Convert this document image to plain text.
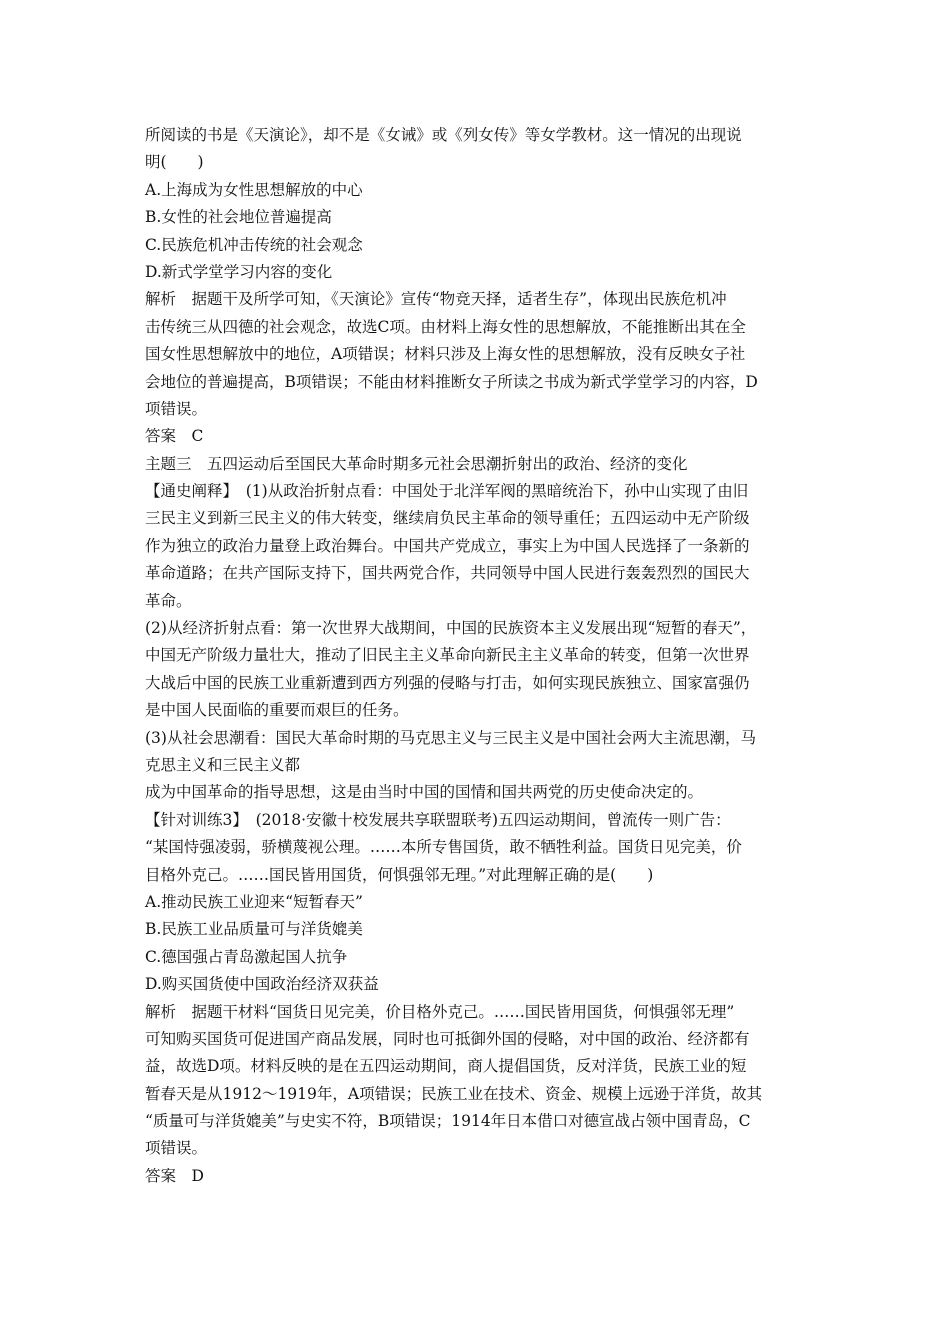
所阅读的书是《天演论》，却不是《女诫》或《列女传》等女学教材。这一情况的出现说
明(　　)
A.上海成为女性思想解放的中心
B.女性的社会地位普遍提高
C.民族危机冲击传统的社会观念
D.新式学堂学习内容的变化
解析　据题干及所学可知，《天演论》宣传“物竞天择，适者生存”，体现出民族危机冲
击传统三从四德的社会观念，故选C项。由材料上海女性的思想解放，不能推断出其在全
国女性思想解放中的地位，A项错误；材料只涉及上海女性的思想解放，没有反映女子社
会地位的普遍提高，B项错误；不能由材料推断女子所读之书成为新式学堂学习的内容，D
项错误。
答案　C
主题三　五四运动后至国民大革命时期多元社会思潮折射出的政治、经济的变化
【通史阐释】　(1)从政治折射点看：中国处于北洋军阀的黑暗统治下，孙中山实现了由旧
三民主义到新三民主义的伟大转变，继续肩负民主革命的领导重任；五四运动中无产阶级
作为独立的政治力量登上政治舞台。中国共产党成立，事实上为中国人民选择了一条新的
革命道路；在共产国际支持下，国共两党合作，共同领导中国人民进行轰轰烈烈的国民大
革命。
(2)从经济折射点看：第一次世界大战期间，中国的民族资本主义发展出现“短暂的春天”，
中国无产阶级力量壮大，推动了旧民主主义革命向新民主主义革命的转变，但第一次世界
大战后中国的民族工业重新遭到西方列强的侵略与打击，如何实现民族独立、国家富强仍
是中国人民面临的重要而艰巨的任务。
(3)从社会思潮看：国民大革命时期的马克思主义与三民主义是中国社会两大主流思潮，马
克思主义和三民主义都
成为中国革命的指导思想，这是由当时中国的国情和国共两党的历史使命决定的。
【针对训练3】　(2018·安徽十校发展共享联盟联考)五四运动期间，曾流传一则广告：
“某国恃强凌弱，骄横蔑视公理。……本所专售国货，敢不牺牲利益。国货日见完美，价
目格外克己。……国民皆用国货，何惧强邻无理。”对此理解正确的是(　　)
A.推动民族工业迎来“短暂春天”
B.民族工业品质量可与洋货媲美
C.德国强占青岛激起国人抗争
D.购买国货使中国政治经济双获益
解析　据题干材料“国货日见完美，价目格外克己。……国民皆用国货，何惧强邻无理”
可知购买国货可促进国产商品发展，同时也可抵御外国的侵略，对中国的政治、经济都有
益，故选D项。材料反映的是在五四运动期间，商人提倡国货，反对洋货，民族工业的短
暂春天是从1912～1919年，A项错误；民族工业在技术、资金、规模上远逊于洋货，故其
“质量可与洋货媲美”与史实不符，B项错误；1914年日本借口对德宣战占领中国青岛，C
项错误。
答案　D
